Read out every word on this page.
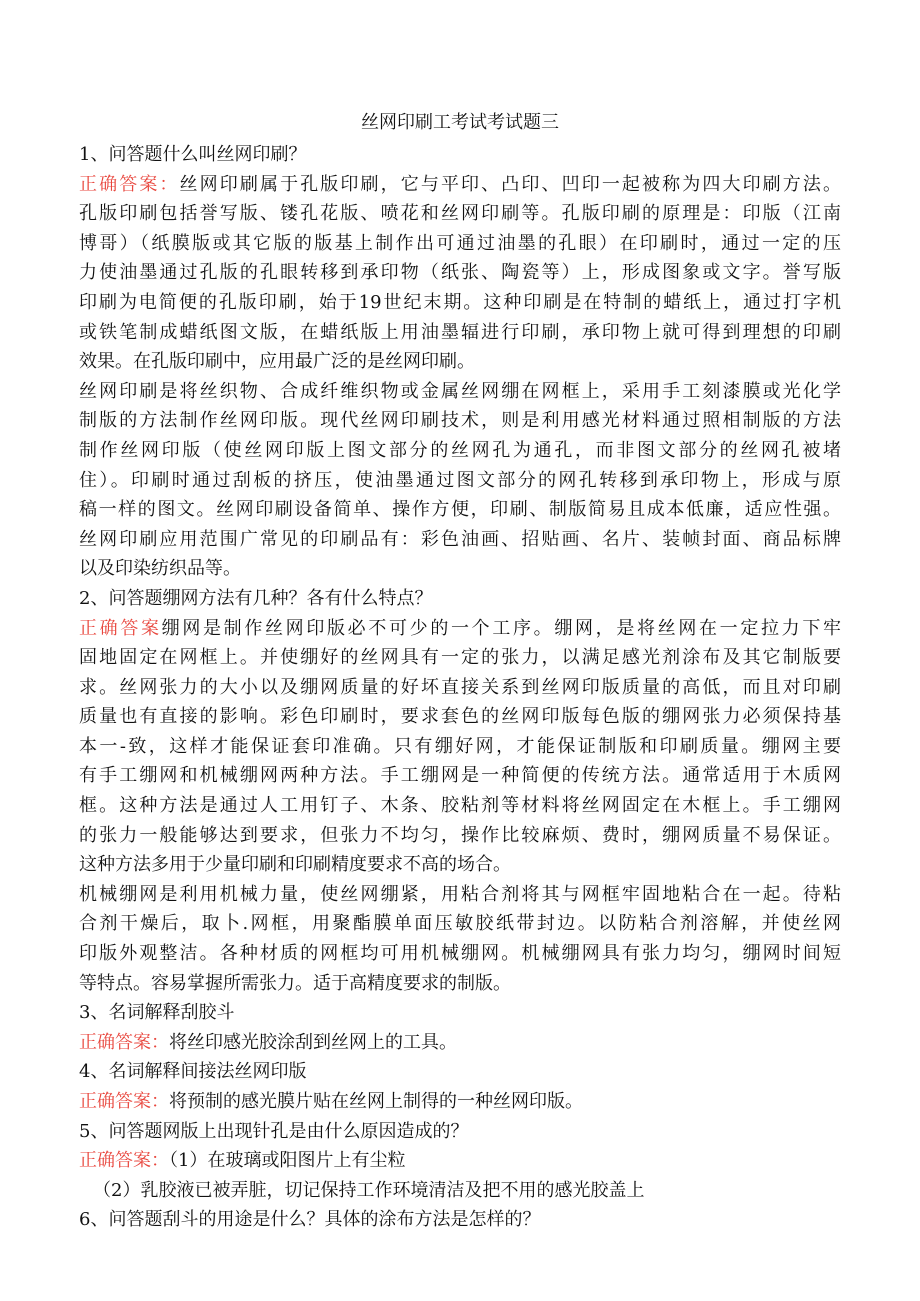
丝网印刷工考试考试题三
1、问答题什么叫丝网印刷？
正确答案：丝网印刷属于孔版印刷，它与平印、凸印、凹印一起被称为四大印刷方法。
孔版印刷包括誉写版、镂孔花版、喷花和丝网印刷等。孔版印刷的原理是：印版（江南
博哥）（纸膜版或其它版的版基上制作出可通过油墨的孔眼）在印刷时，通过一定的压
力使油墨通过孔版的孔眼转移到承印物（纸张、陶瓷等）上，形成图象或文字。誉写版
印刷为电简便的孔版印刷，始于19世纪末期。这种印刷是在特制的蜡纸上，通过打字机
或铁笔制成蜡纸图文版，在蜡纸版上用油墨辐进行印刷，承印物上就可得到理想的印刷
效果。在孔版印刷中，应用最广泛的是丝网印刷。
丝网印刷是将丝织物、合成纤维织物或金属丝网绷在网框上，采用手工刻漆膜或光化学
制版的方法制作丝网印版。现代丝网印刷技术，则是利用感光材料通过照相制版的方法
制作丝网印版（使丝网印版上图文部分的丝网孔为通孔，而非图文部分的丝网孔被堵
住）。印刷时通过刮板的挤压，使油墨通过图文部分的网孔转移到承印物上，形成与原
稿一样的图文。丝网印刷设备简单、操作方便，印刷、制版简易且成本低廉，适应性强。
丝网印刷应用范围广常见的印刷品有：彩色油画、招贴画、名片、装帧封面、商品标牌
以及印染纺织品等。
2、问答题绷网方法有几种？各有什么特点？
正确答案绷网是制作丝网印版必不可少的一个工序。绷网，是将丝网在一定拉力下牢
固地固定在网框上。并使绷好的丝网具有一定的张力，以满足感光剂涂布及其它制版要
求。丝网张力的大小以及绷网质量的好坏直接关系到丝网印版质量的高低，而且对印刷
质量也有直接的影响。彩色印刷时，要求套色的丝网印版每色版的绷网张力必须保持基
本一-致，这样才能保证套印准确。只有绷好网，才能保证制版和印刷质量。绷网主要
有手工绷网和机械绷网两种方法。手工绷网是一种简便的传统方法。通常适用于木质网
框。这种方法是通过人工用钉子、木条、胶粘剂等材料将丝网固定在木框上。手工绷网
的张力一般能够达到要求，但张力不均匀，操作比较麻烦、费时，绷网质量不易保证。
这种方法多用于少量印刷和印刷精度要求不高的场合。
机械绷网是利用机械力量，使丝网绷紧，用粘合剂将其与网框牢固地粘合在一起。待粘
合剂干燥后，取卜.网框，用聚酯膜单面压敏胶纸带封边。以防粘合剂溶解，并使丝网
印版外观整洁。各种材质的网框均可用机械绷网。机械绷网具有张力均匀，绷网时间短
等特点。容易掌握所需张力。适于高精度要求的制版。
3、名词解释刮胶斗
正确答案：将丝印感光胶涂刮到丝网上的工具。
4、名词解释间接法丝网印版
正确答案：将预制的感光膜片贴在丝网上制得的一种丝网印版。
5、问答题网版上出现针孔是由什么原因造成的？
正确答案：（1）在玻璃或阳图片上有尘粒
（2）乳胶液已被弄脏，切记保持工作环境清洁及把不用的感光胶盖上
6、问答题刮斗的用途是什么？具体的涂布方法是怎样的？
